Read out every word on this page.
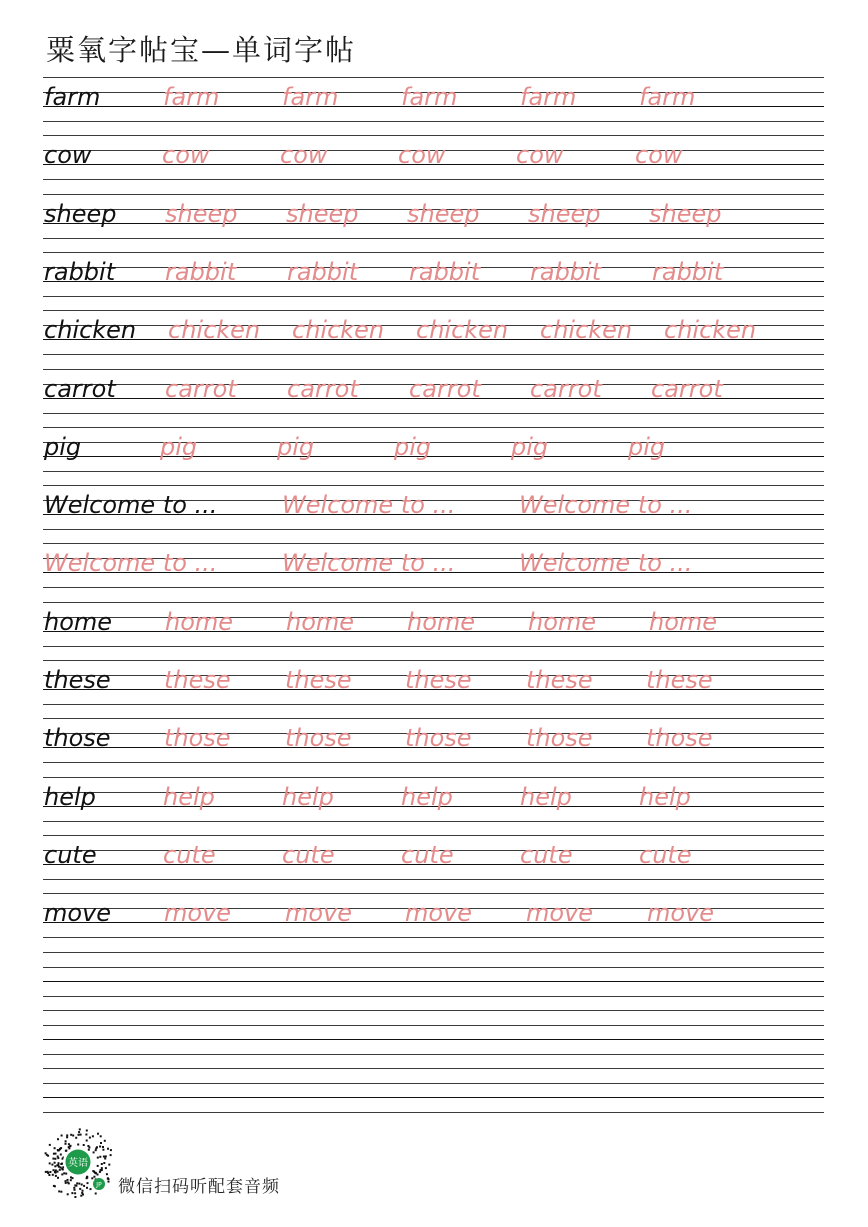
粟氧字帖宝—单词字帖
farm	farm	farm	farm	farm	farm
cow	cow	cow	cow	cow	cow
sheep sheep sheep sheep sheep sheep
rabbit rabbit rabbit rabbit rabbit rabbit
chicken chicken chicken chicken chicken chicken
carrot carrot carrot carrot carrot carrot
pig	pig	pig	pig	pig	pig
Welcome to ...	Welcome to ...	Welcome to ...
Welcome to ...	Welcome to ...	Welcome to ...
home home home home home home
these these these these these these
those those those those those those
help	help	help	help	help	help
cute	cute	cute	cute	cute	cute
move move move move move move
英语
JP 微信扫码听配套音频
